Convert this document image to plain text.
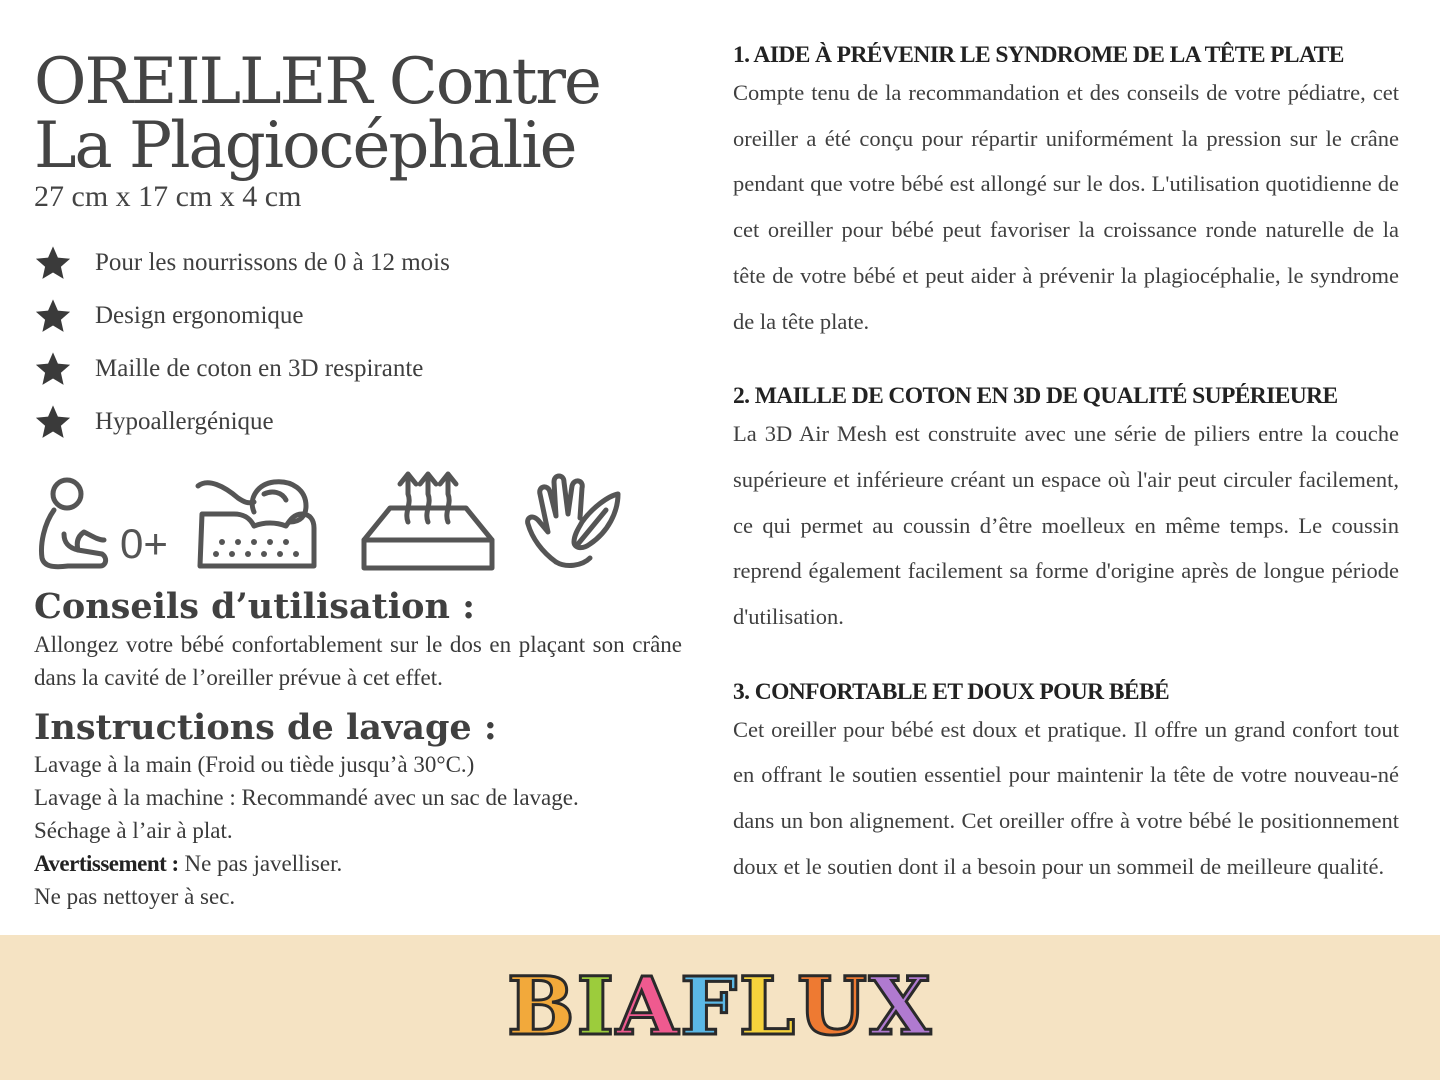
OREILLER Contre
La Plagiocéphalie
27 cm x 17 cm x 4 cm
Pour les nourrissons de 0 à 12 mois
Design ergonomique
Maille de coton en 3D respirante
Hypoallergénique
0+
Conseils d’utilisation :

Allongez votre bébé confortablement sur le dos en plaçant son crâne dans la cavité de l’oreiller prévue à cet effet.

Instructions de lavage :
Lavage à la main (Froid ou tiède jusqu’à 30°C.)
Lavage à la machine : Recommandé avec un sac de lavage.
Séchage à l’air à plat.
Avertissement : Ne pas javelliser.
Ne pas nettoyer à sec.
1. AIDE À PRÉVENIR LE SYNDROME DE LA TÊTE PLATE

Compte tenu de la recommandation et des conseils de votre pédiatre, cet oreiller a été conçu pour répartir uniformément la pression sur le crâne pendant que votre bébé est allongé sur le dos. L'utilisation quotidienne de cet oreiller pour bébé peut favoriser la croissance ronde naturelle de la tête de votre bébé et peut aider à prévenir la plagiocéphalie, le syndrome de la tête plate.

2. MAILLE DE COTON EN 3D DE QUALITÉ SUPÉRIEURE

La 3D Air Mesh est construite avec une série de piliers entre la couche supérieure et inférieure créant un espace où l'air peut circuler facilement, ce qui permet au coussin d’être moelleux en même temps. Le coussin reprend également facilement sa forme d'origine après de longue période d'utilisation.

3. CONFORTABLE ET DOUX POUR BÉBÉ

Cet oreiller pour bébé est doux et pratique. Il offre un grand confort tout en offrant le soutien essentiel pour maintenir la tête de votre nouveau-né dans un bon alignement. Cet oreiller offre à votre bébé le positionnement doux et le soutien dont il a besoin pour un sommeil de meilleure qualité.

B I A F L U X
